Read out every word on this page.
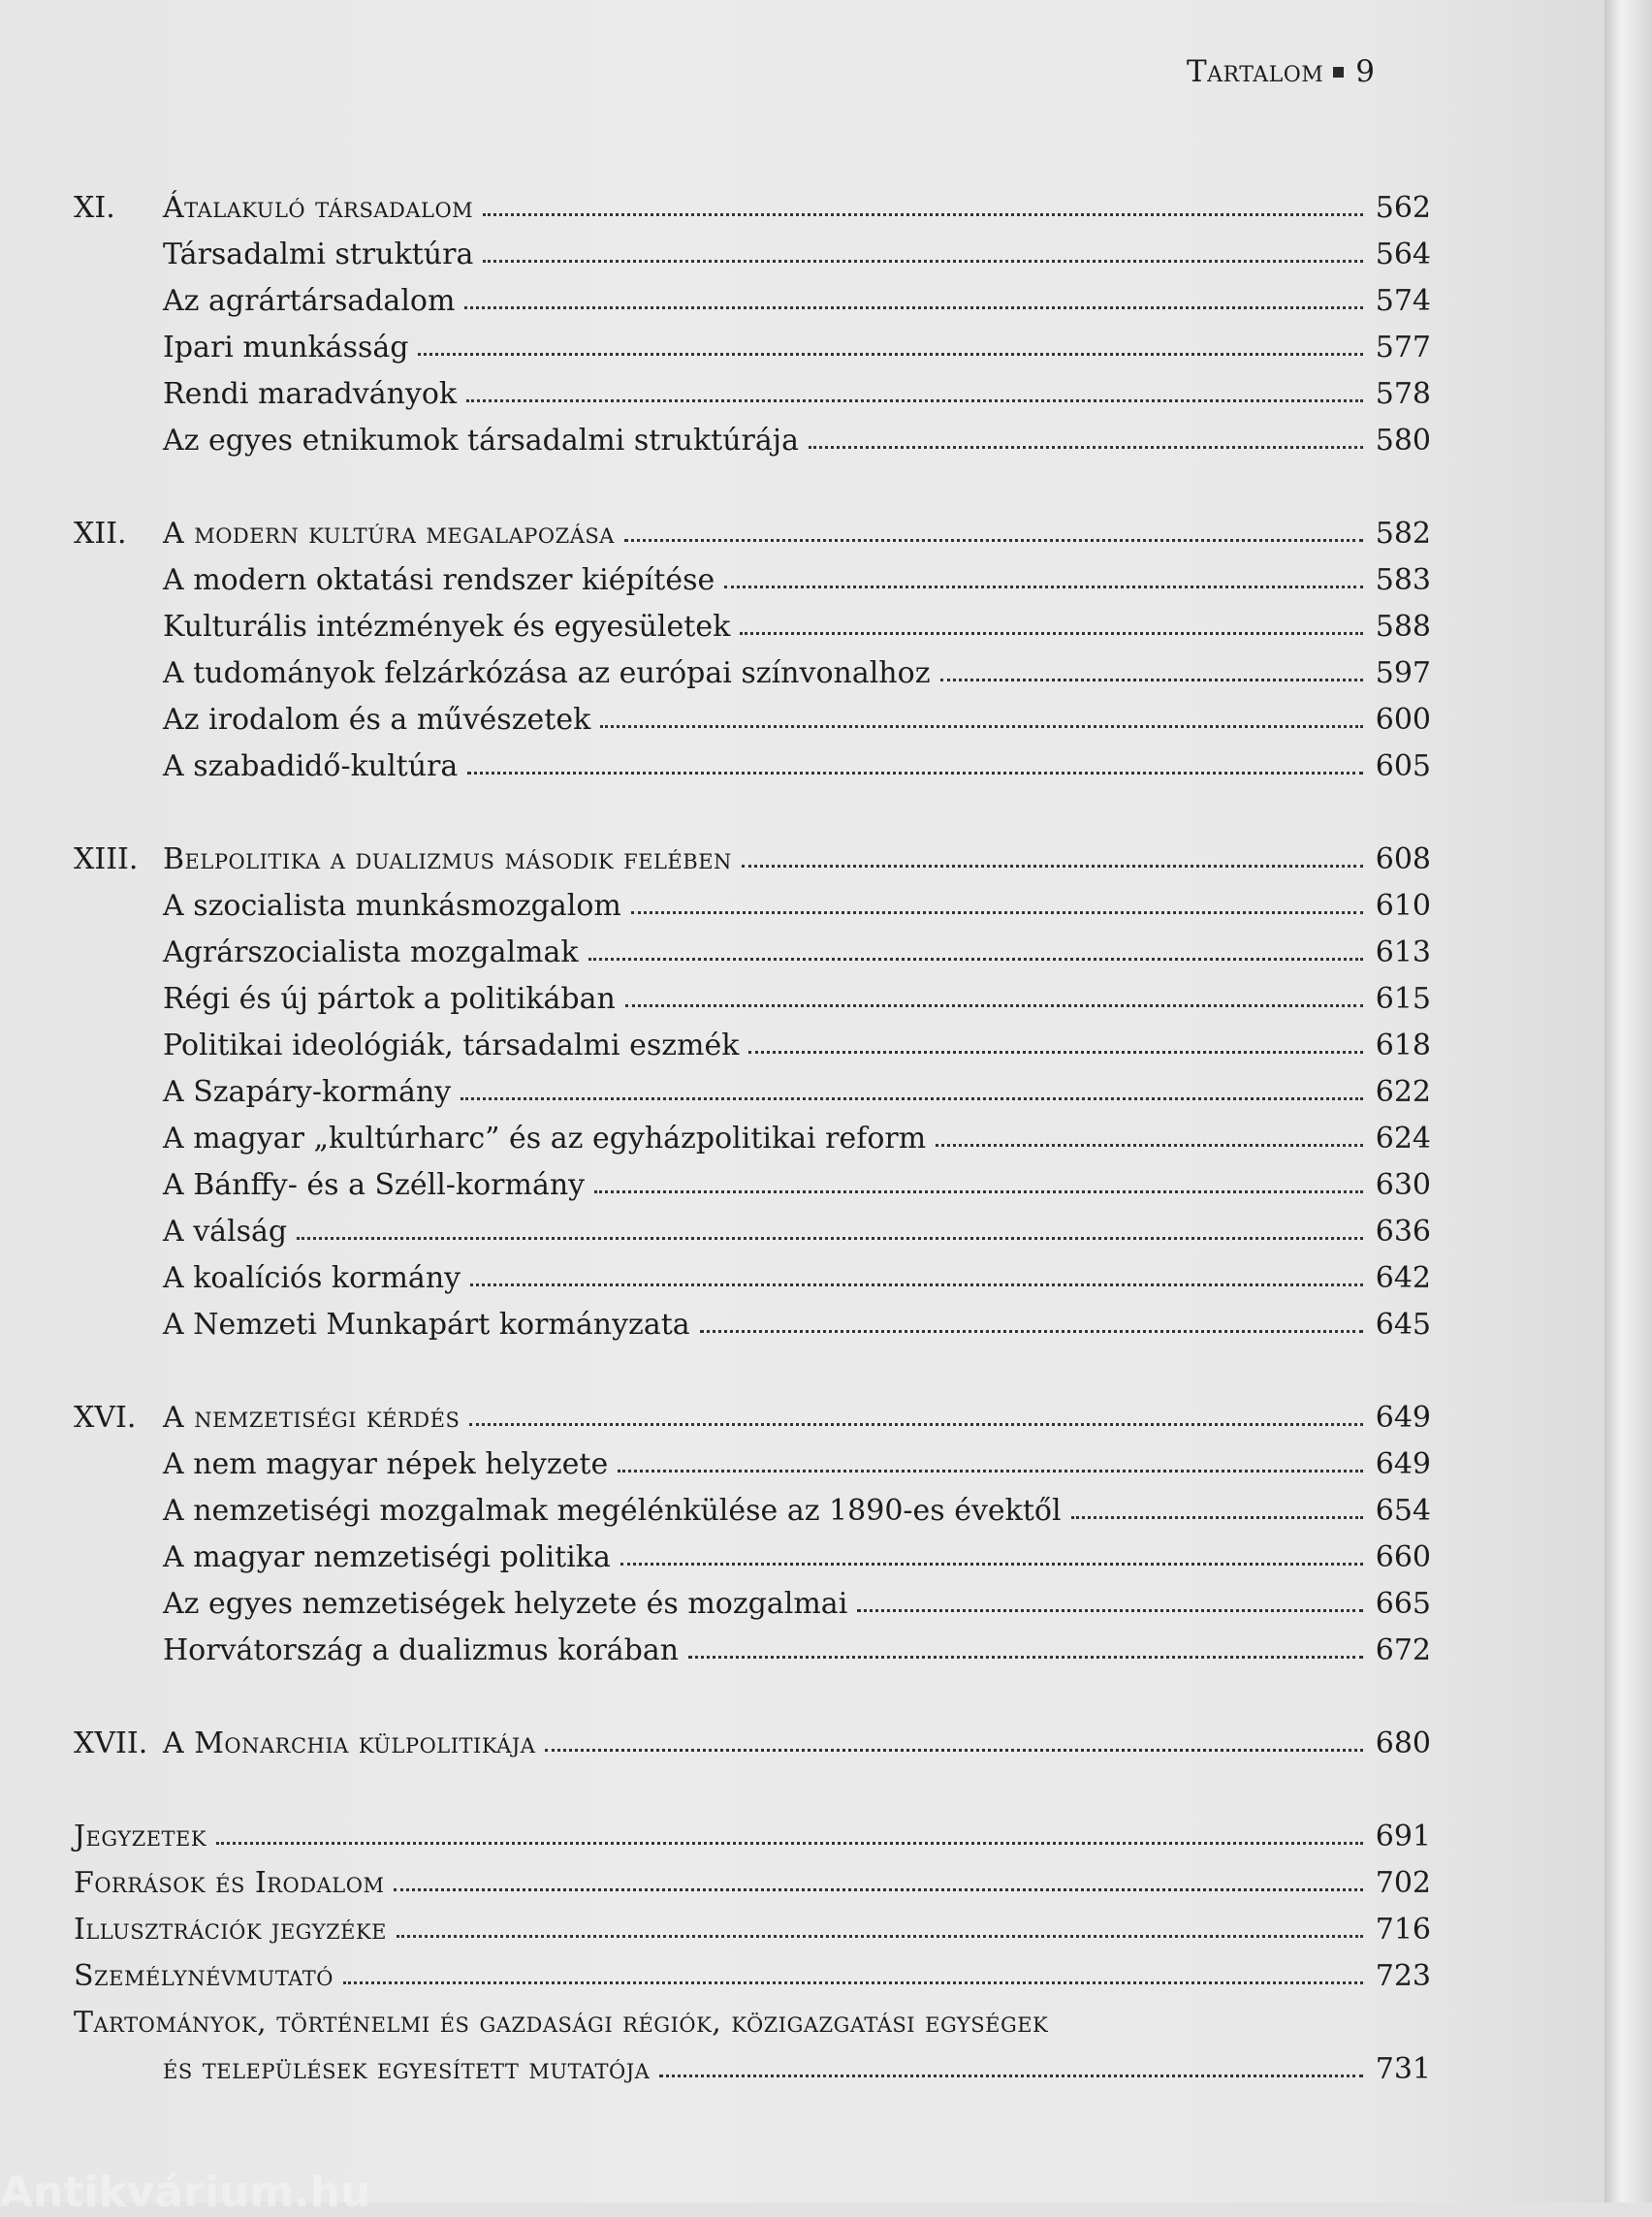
Tartalom 9
XI.	Átalakuló társadalom	562
Társadalmi struktúra	564
Az agrártársadalom	574
Ipari munkásság	577
Rendi maradványok	578
Az egyes etnikumok társadalmi struktúrája	580
XII.	A modern kultúra megalapozása	582
A modern oktatási rendszer kiépítése	583
Kulturális intézmények és egyesületek	588
A tudományok felzárkózása az európai színvonalhoz	597
Az irodalom és a művészetek	600
A szabadidő-kultúra	605
XIII. Belpolitika a dualizmus második felében	608
A szocialista munkásmozgalom	610
Agrárszocialista mozgalmak	613
Régi és új pártok a politikában	615
Politikai ideológiák, társadalmi eszmék	618
A Szapáry-kormány	622
A magyar „kultúrharc” és az egyházpolitikai reform	624
A Bánffy- és a Széll-kormány	630
A válság	636
A koalíciós kormány	642
A Nemzeti Munkapárt kormányzata	645
XVI. A nemzetiségi kérdés	649
A nem magyar népek helyzete	649
A nemzetiségi mozgalmak megélénkülése az 1890-es évektől	654
A magyar nemzetiségi politika	660
Az egyes nemzetiségek helyzete és mozgalmai	665
Horvátország a dualizmus korában	672
XVII. A Monarchia külpolitikája	680
Jegyzetek	691
Források és Irodalom	702
Illusztrációk jegyzéke	716
Személynévmutató	723
Tartományok, történelmi és gazdasági régiók, közigazgatási egységek
és települések egyesített mutatója	731
Antikvárium.hu
